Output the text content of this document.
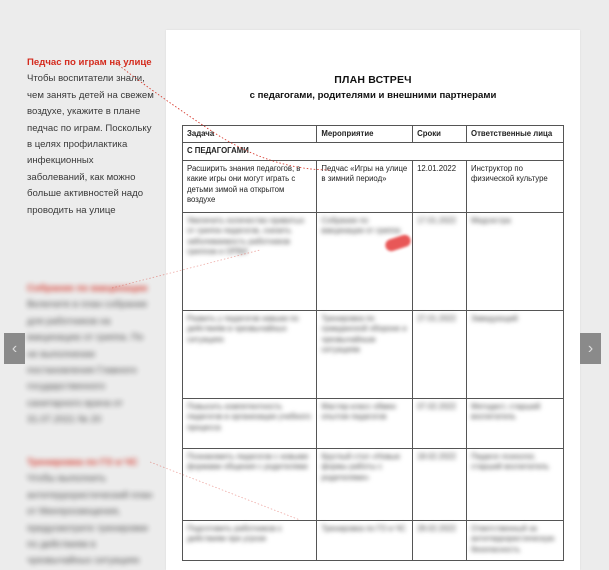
Педчас по играм на улице

Чтобы воспитатели знали, чем занять детей на свежем воздухе, укажите в плане педчас по играм. Поскольку в целях профилактика инфекционных заболеваний, как можно больше активностей надо проводить на улице

Собрание по вакцинации

Включите в план собрание для работников на вакцинацию от гриппа. По не выполнении постановления Главного государственного санитарного врача от 31.07.2021 № 20

Тренировка по ГО и ЧС

Чтобы выполнить антитеррористический план от Минпросвещения, предусмотрите тренировки по действиям в чрезвычайных ситуациях

ПЛАН ВСТРЕЧ
с педагогами, родителями и внешними партнерами
Задача	Мероприятие	Сроки	Ответственные лица
С ПЕДАГОГАМИ			
Расширить знания педагогов, в какие игры они могут играть с детьми зимой на открытом воздухе	Педчас «Игры на улице в зимний период»	12.01.2022	Инструктор по физической культуре
Увеличить количество привитых от гриппа педагогов, снизить заболеваемость работников гриппом и ОРВИ	Собрание по вакцинации от гриппа	17.01.2022	Медсестра
Развить у педагогов навыки по действиям в чрезвычайных ситуациях	Тренировка по гражданской обороне и чрезвычайным ситуациям	27.01.2022	Заведующий
Повысить компетентность педагогов в организации учебного процесса	Мастер-класс обмен опытом педагогов	07.02.2022	Методист, старший воспитатель
Познакомить педагогов с новыми формами общения с родителями	Круглый стол «Новые формы работы с родителями»	18.02.2022	Педагог-психолог, старший воспитатель
Подготовить работников к действиям при угрозе	Тренировка по ГО и ЧС	28.02.2022	Ответственный за антитеррористическую безопасность
‹	›
